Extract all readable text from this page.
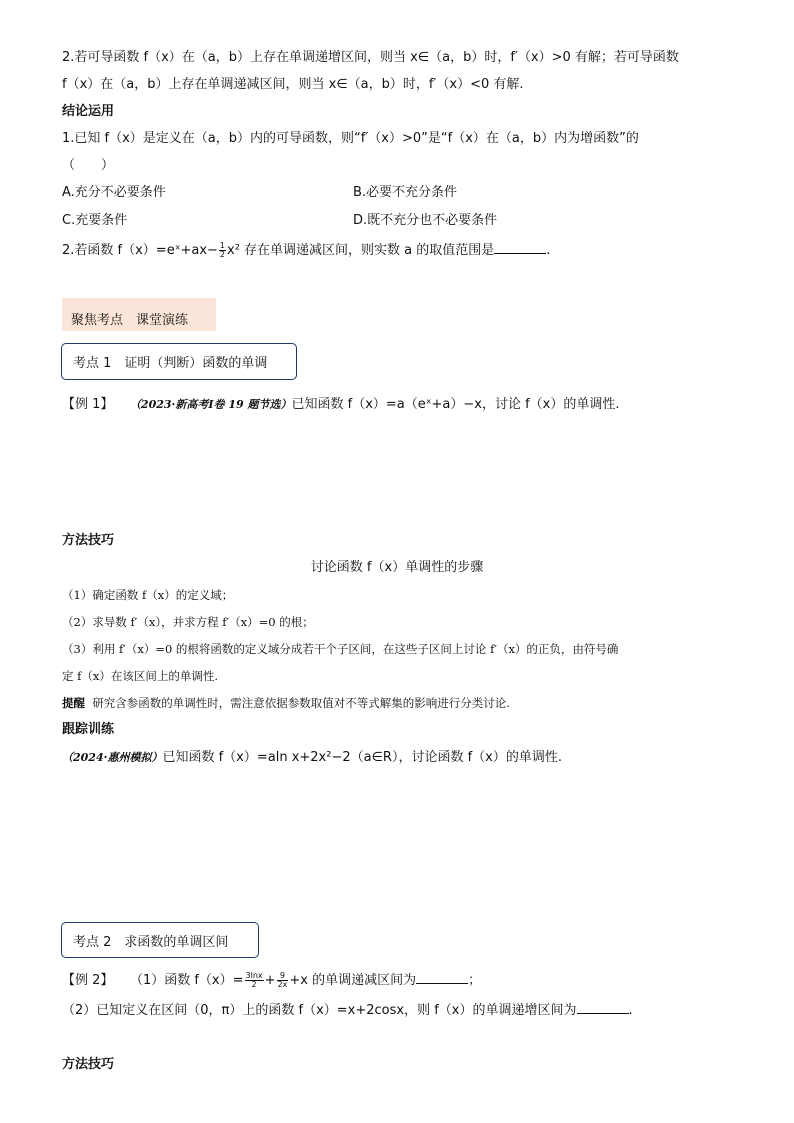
2.若可导函数 f（x）在（a，b）上存在单调递增区间，则当 x∈（a，b）时，f′（x）>0 有解；若可导函数
f（x）在（a，b）上存在单调递减区间，则当 x∈（a，b）时，f′（x）<0 有解.
结论运用
1.已知 f（x）是定义在（a，b）内的可导函数，则“f′（x）>0”是“f（x）在（a，b）内为增函数”的
（　　）
A.充分不必要条件	B.必要不充分条件
C.充要条件	D.既不充分也不必要条件
2.若函数 f（x）=eˣ+ax− $\frac{1}{2} x^2$ 存在单调递减区间，则实数 a 的取值范围是	.
聚焦考点　课堂演练
考点 1　证明（判断）函数的单调
【例 1】 （2023·新高考Ⅰ卷 19 题节选）已知函数 f（x）=a（eˣ+a）−x，讨论 f（x）的单调性.
方法技巧
讨论函数 f（x）单调性的步骤
（1）确定函数 f（x）的定义域；
（2）求导数 f′（x），并求方程 f′（x）=0 的根；
（3）利用 f′（x）=0 的根将函数的定义域分成若干个子区间，在这些子区间上讨论 f′（x）的正负，由符号确
定 f（x）在该区间上的单调性.
提醒 研究含参函数的单调性时，需注意依据参数取值对不等式解集的影响进行分类讨论.
跟踪训练
（2024·惠州模拟）已知函数 f（x）=aln x+2x²−2（a∈R），讨论函数 f（x）的单调性.
考点 2　求函数的单调区间
【例 2】 （1）函数 $f(x)= \frac{3\ln x}{2} + \frac{9}{2x} +x$ 的单调递减区间为	；
（2）已知定义在区间（0，π）上的函数 f（x）=x+2cosx，则 f（x）的单调递增区间为	.
方法技巧
